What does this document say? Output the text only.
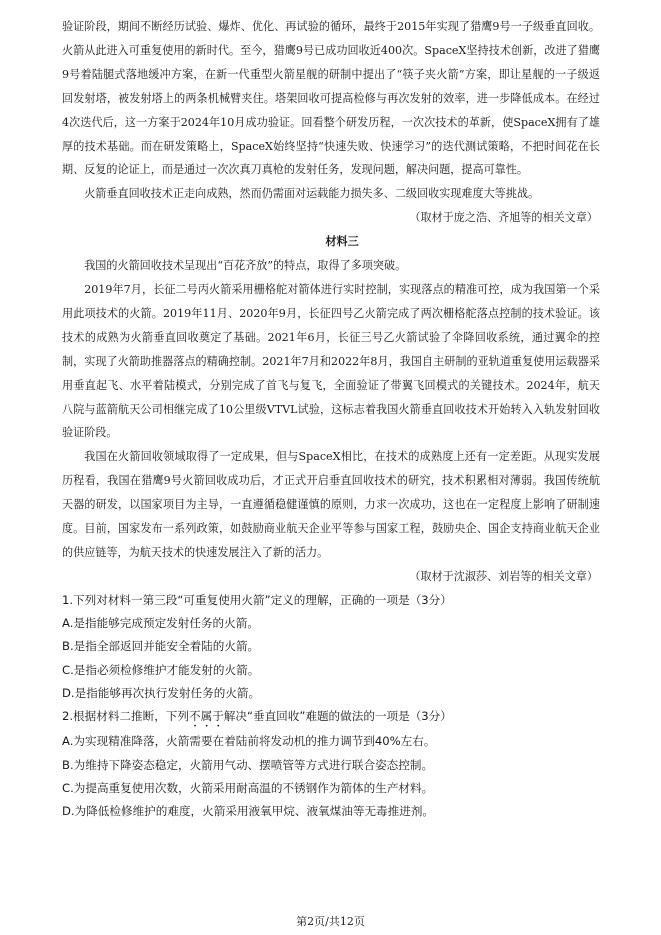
验证阶段，期间不断经历试验、爆炸、优化、再试验的循环，最终于2015年实现了猎鹰9号一子级垂直回收。火箭从此进入可重复使用的新时代。至今，猎鹰9号已成功回收近400次。SpaceX坚持技术创新，改进了猎鹰9号着陆腿式落地缓冲方案，在新一代重型火箭星舰的研制中提出了“筷子夹火箭”方案，即让星舰的一子级返回发射塔，被发射塔上的两条机械臂夹住。塔架回收可提高检修与再次发射的效率，进一步降低成本。在经过4次迭代后，这一方案于2024年10月成功验证。回看整个研发历程，一次次技术的革新，使SpaceX拥有了雄厚的技术基础。而在研发策略上，SpaceX始终坚持“快速失败、快速学习”的迭代测试策略，不把时间花在长期、反复的论证上，而是通过一次次真刀真枪的发射任务，发现问题，解决问题，提高可靠性。

火箭垂直回收技术正走向成熟，然而仍需面对运载能力损失多、二级回收实现难度大等挑战。

（取材于庞之浩、齐旭等的相关文章）

材料三

我国的火箭回收技术呈现出“百花齐放”的特点，取得了多项突破。

2019年7月，长征二号丙火箭采用栅格舵对箭体进行实时控制，实现落点的精准可控，成为我国第一个采用此项技术的火箭。2019年11月、2020年9月，长征四号乙火箭完成了两次栅格舵落点控制的技术验证。该技术的成熟为火箭垂直回收奠定了基础。2021年6月，长征三号乙火箭试验了伞降回收系统，通过翼伞的控制，实现了火箭助推器落点的精确控制。2021年7月和2022年8月，我国自主研制的亚轨道重复使用运载器采用垂直起飞、水平着陆模式，分别完成了首飞与复飞，全面验证了带翼飞回模式的关键技术。2024年，航天八院与蓝箭航天公司相继完成了10公里级VTVL试验，这标志着我国火箭垂直回收技术开始转入入轨发射回收验证阶段。

我国在火箭回收领域取得了一定成果，但与SpaceX相比，在技术的成熟度上还有一定差距。从现实发展历程看，我国在猎鹰9号火箭回收成功后，才正式开启垂直回收技术的研究，技术积累相对薄弱。我国传统航天器的研发，以国家项目为主导，一直遵循稳健谨慎的原则，力求一次成功，这也在一定程度上影响了研制速度。目前，国家发布一系列政策，如鼓励商业航天企业平等参与国家工程，鼓励央企、国企支持商业航天企业的供应链等，为航天技术的快速发展注入了新的活力。

（取材于沈淑莎、刘岩等的相关文章）

1.下列对材料一第三段“可重复使用火箭”定义的理解，正确的一项是（3分）

A.是指能够完成预定发射任务的火箭。

B.是指全部返回并能安全着陆的火箭。

C.是指必须检修维护才能发射的火箭。

D.是指能够再次执行发射任务的火箭。

2.根据材料二推断，下列不属于解决“垂直回收”难题的做法的一项是（3分）

A.为实现精准降落，火箭需要在着陆前将发动机的推力调节到40%左右。

B.为维持下降姿态稳定，火箭用气动、摆喷管等方式进行联合姿态控制。

C.为提高重复使用次数，火箭采用耐高温的不锈钢作为箭体的生产材料。

D.为降低检修维护的难度，火箭采用液氧甲烷、液氧煤油等无毒推进剂。

第2页/共12页
